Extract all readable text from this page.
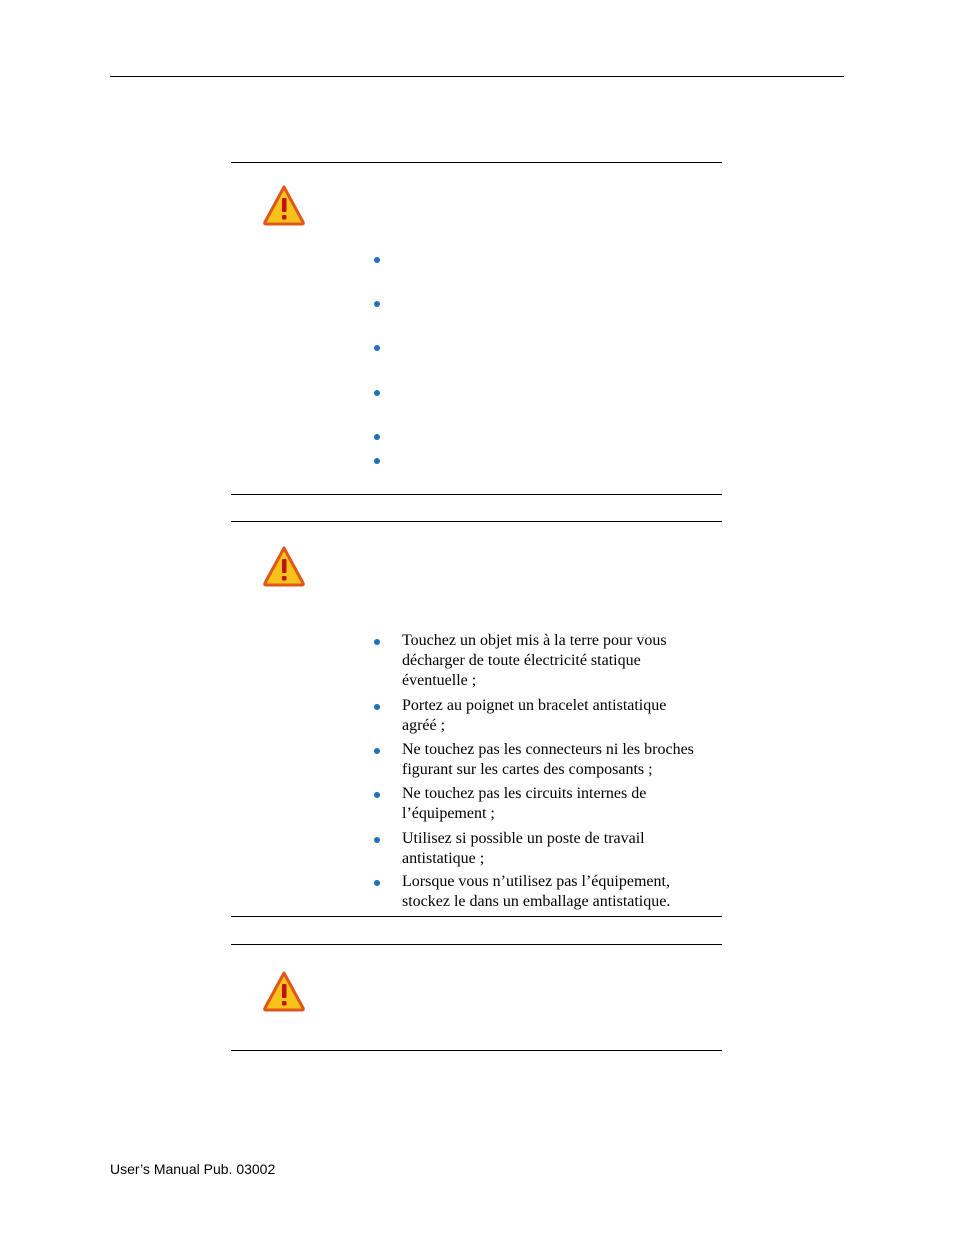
Touchez un objet mis à la terre pour vous
décharger de toute électricité statique
éventuelle ;
Portez au poignet un bracelet antistatique
agréé ;
Ne touchez pas les connecteurs ni les broches
figurant sur les cartes des composants ;
Ne touchez pas les circuits internes de
l’équipement ;
Utilisez si possible un poste de travail
antistatique ;
Lorsque vous n’utilisez pas l’équipement,
stockez le dans un emballage antistatique.
User’s Manual Pub. 03002
